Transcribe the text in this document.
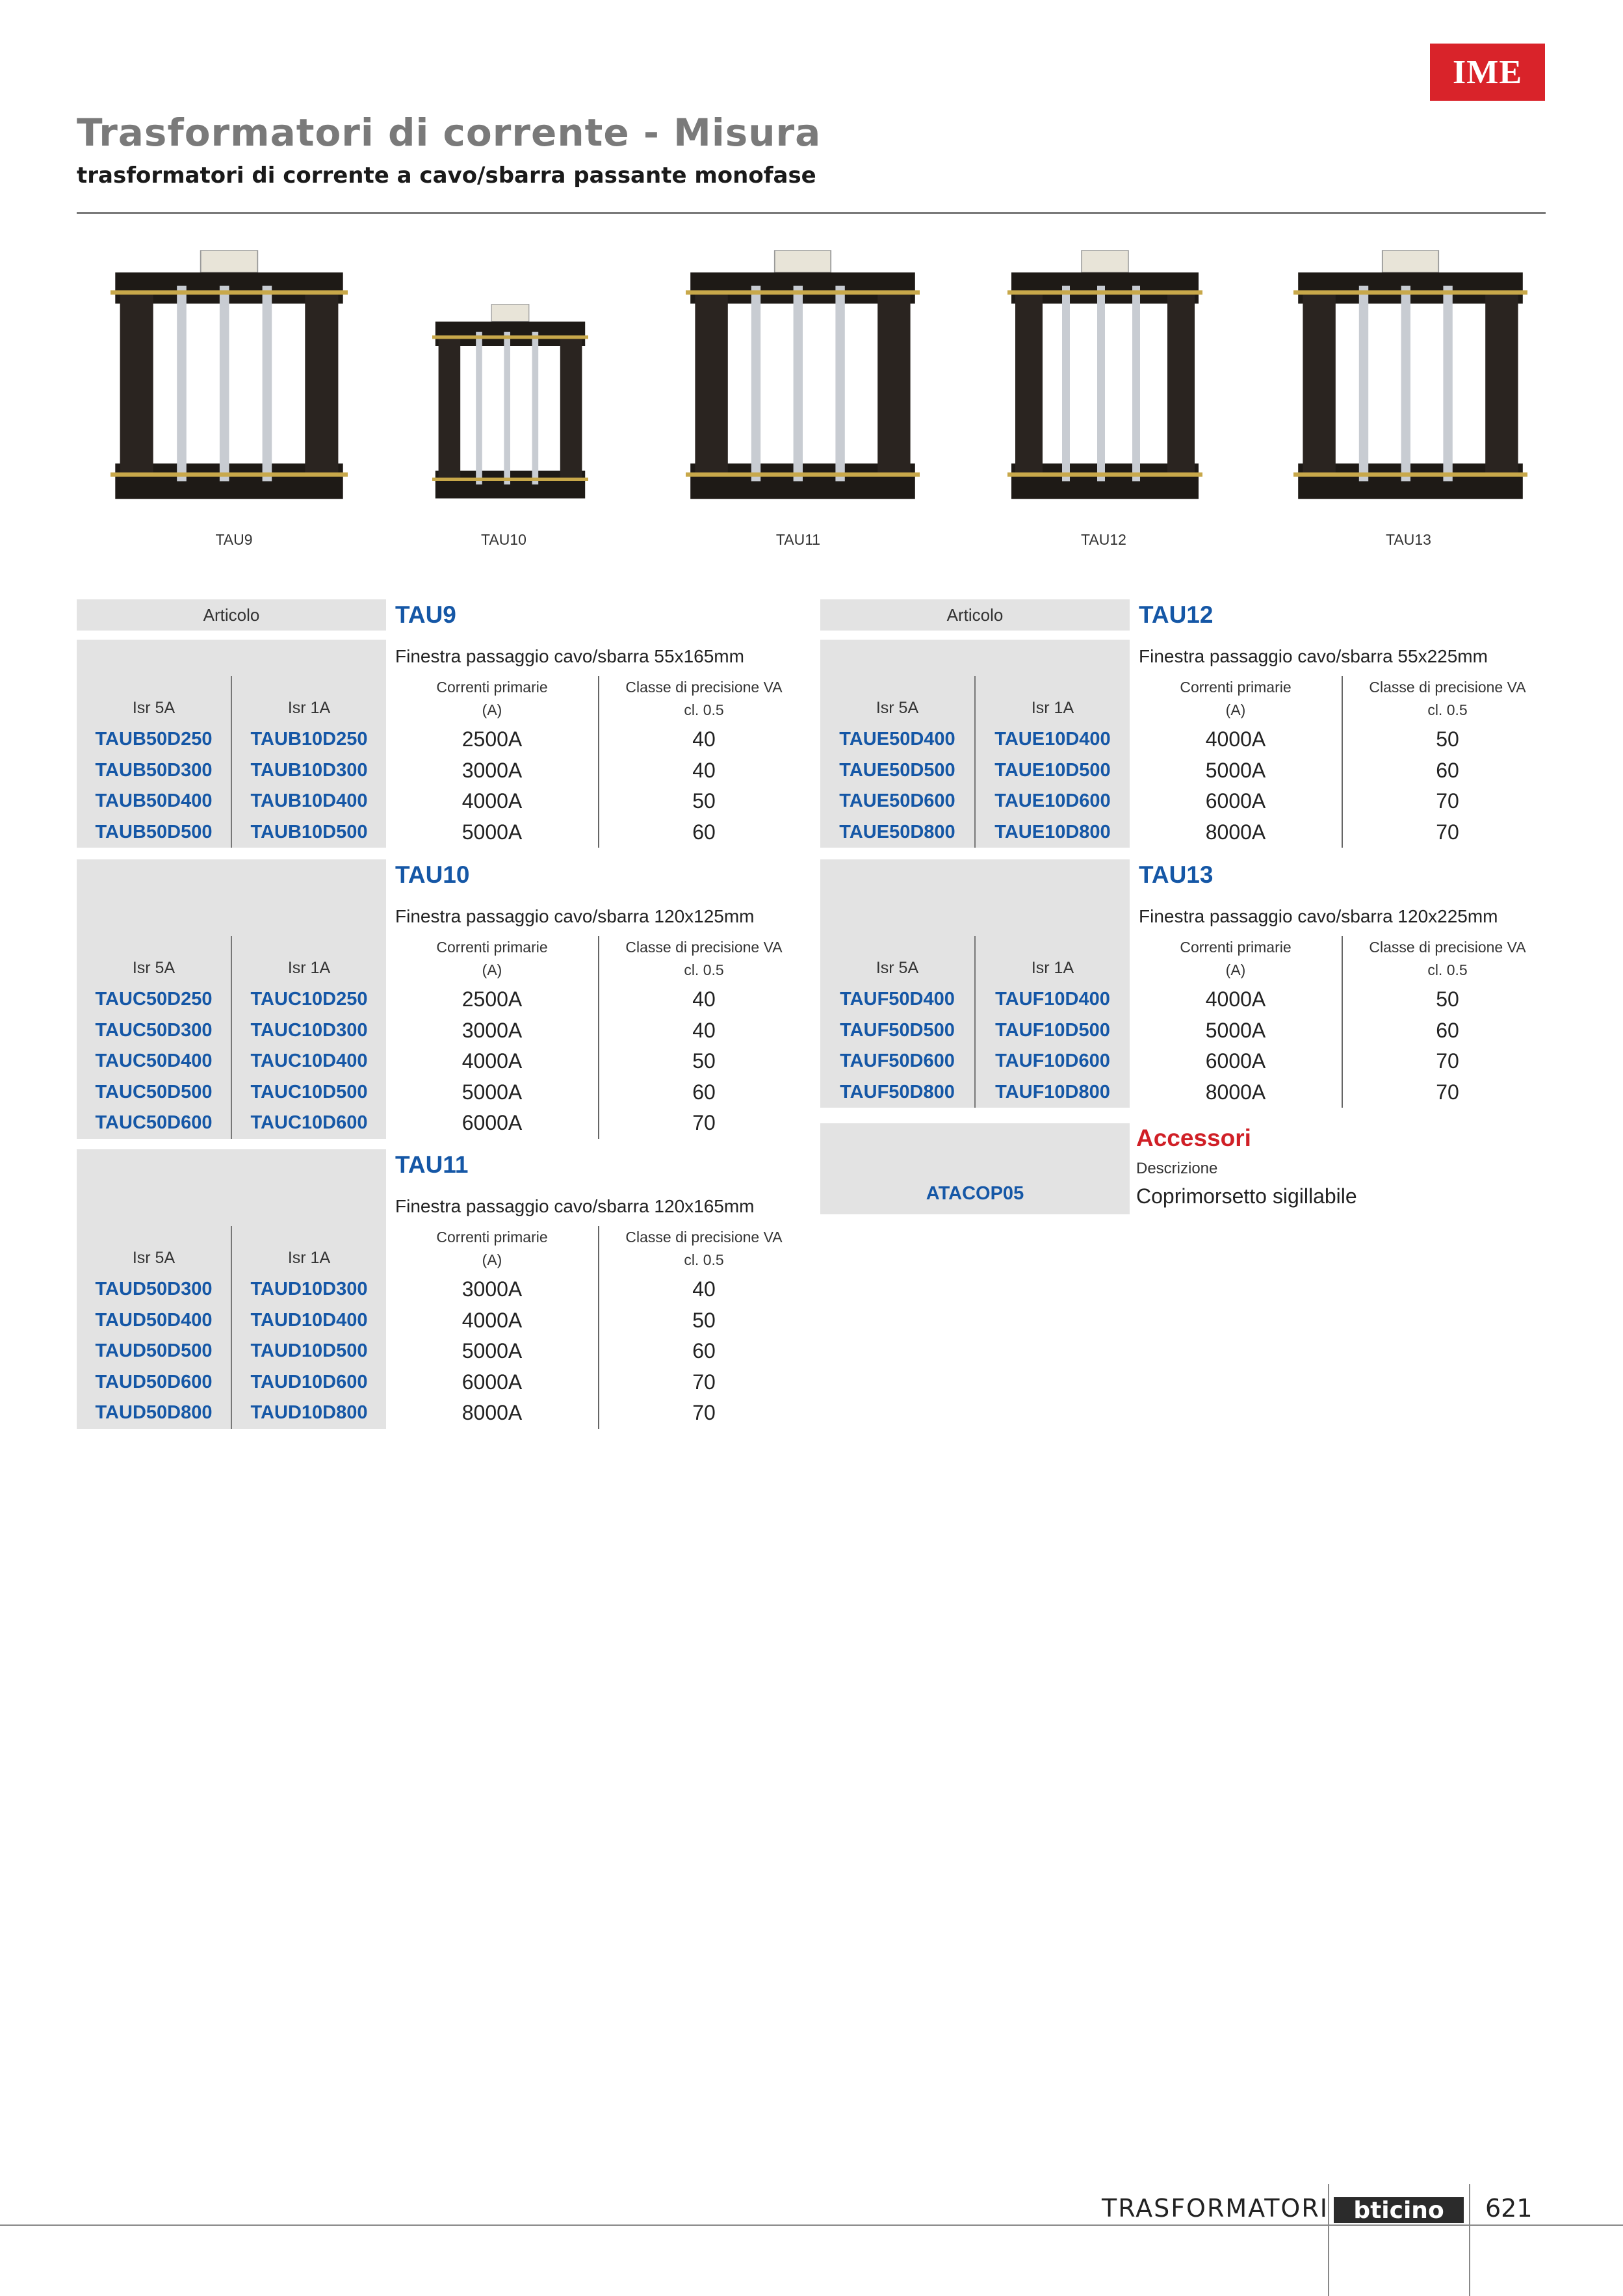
IME
Trasformatori di corrente - Misura
trasformatori di corrente a cavo/sbarra passante monofase
TAU9	TAU10	TAU11	TAU12	TAU13
Articolo	TAU9
Finestra passaggio cavo/sbarra 55x165mm
Isr 5A	Isr 1A
Correnti primarie
(A)
Classe di precisione VA
cl. 0.5
TAUB50D250	TAUB10D250	2500A	40
TAUB50D300	TAUB10D300	3000A	40
TAUB50D400	TAUB10D400	4000A	50
TAUB50D500	TAUB10D500	5000A	60
TAU10
Finestra passaggio cavo/sbarra 120x125mm
Isr 5A	Isr 1A
Correnti primarie
(A)
Classe di precisione VA
cl. 0.5
TAUC50D250	TAUC10D250	2500A	40
TAUC50D300	TAUC10D300	3000A	40
TAUC50D400	TAUC10D400	4000A	50
TAUC50D500	TAUC10D500	5000A	60
TAUC50D600	TAUC10D600	6000A	70
TAU11
Finestra passaggio cavo/sbarra 120x165mm
Isr 5A	Isr 1A
Correnti primarie
(A)
Classe di precisione VA
cl. 0.5
TAUD50D300	TAUD10D300	3000A	40
TAUD50D400	TAUD10D400	4000A	50
TAUD50D500	TAUD10D500	5000A	60
TAUD50D600	TAUD10D600	6000A	70
TAUD50D800	TAUD10D800	8000A	70
Articolo	TAU12
Finestra passaggio cavo/sbarra 55x225mm
Isr 5A	Isr 1A
Correnti primarie
(A)
Classe di precisione VA
cl. 0.5
TAUE50D400	TAUE10D400	4000A	50
TAUE50D500	TAUE10D500	5000A	60
TAUE50D600	TAUE10D600	6000A	70
TAUE50D800	TAUE10D800	8000A	70
TAU13
Finestra passaggio cavo/sbarra 120x225mm
Isr 5A	Isr 1A
Correnti primarie
(A)
Classe di precisione VA
cl. 0.5
TAUF50D400	TAUF10D400	4000A	50
TAUF50D500	TAUF10D500	5000A	60
TAUF50D600	TAUF10D600	6000A	70
TAUF50D800	TAUF10D800	8000A	70
Accessori
Descrizione
ATACOP05	Coprimorsetto sigillabile
TRASFORMATORI bticino 621
